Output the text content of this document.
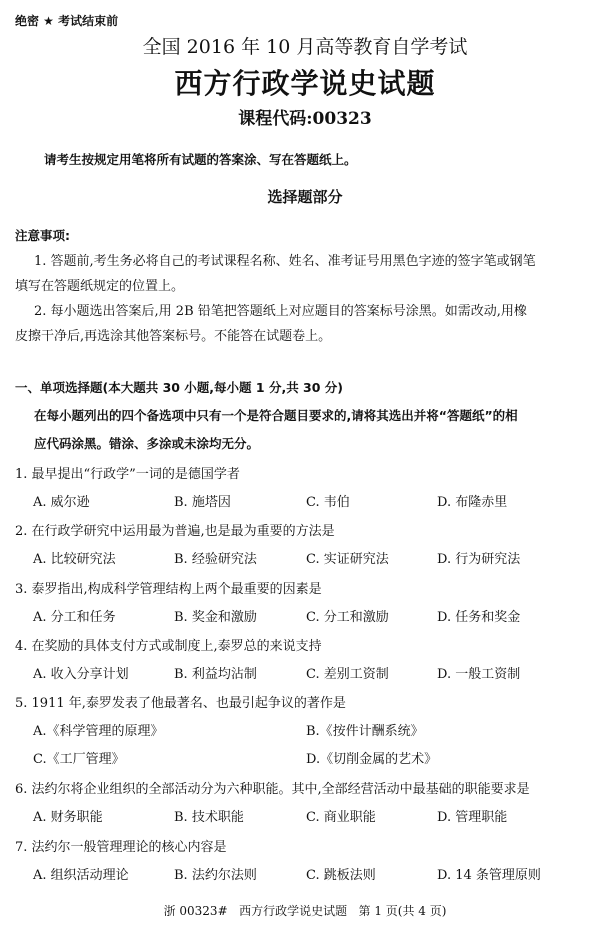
绝密 ★ 考试结束前
全国 2016 年 10 月高等教育自学考试
西方行政学说史试题
课程代码:00323
请考生按规定用笔将所有试题的答案涂、写在答题纸上。
选择题部分
注意事项:
1. 答题前,考生务必将自己的考试课程名称、姓名、准考证号用黑色字迹的签字笔或钢笔
填写在答题纸规定的位置上。
2. 每小题选出答案后,用 2B 铅笔把答题纸上对应题目的答案标号涂黑。如需改动,用橡
皮擦干净后,再选涂其他答案标号。不能答在试题卷上。
一、单项选择题(本大题共 30 小题,每小题 1 分,共 30 分)
在每小题列出的四个备选项中只有一个是符合题目要求的,请将其选出并将“答题纸”的相
应代码涂黑。错涂、多涂或未涂均无分。
1. 最早提出“行政学”一词的是德国学者
A. 威尔逊	B. 施塔因	C. 韦伯	D. 布隆赤里
2. 在行政学研究中运用最为普遍,也是最为重要的方法是
A. 比较研究法	B. 经验研究法	C. 实证研究法	D. 行为研究法
3. 泰罗指出,构成科学管理结构上两个最重要的因素是
A. 分工和任务	B. 奖金和激励	C. 分工和激励	D. 任务和奖金
4. 在奖励的具体支付方式或制度上,泰罗总的来说支持
A. 收入分享计划	B. 利益均沾制	C. 差别工资制	D. 一般工资制
5. 1911 年,泰罗发表了他最著名、也最引起争议的著作是
A.《科学管理的原理》	B.《按件计酬系统》
C.《工厂管理》	D.《切削金属的艺术》
6. 法约尔将企业组织的全部活动分为六种职能。其中,全部经营活动中最基础的职能要求是
A. 财务职能	B. 技术职能	C. 商业职能	D. 管理职能
7. 法约尔一般管理理论的核心内容是
A. 组织活动理论	B. 法约尔法则	C. 跳板法则	D. 14 条管理原则
浙 00323#   西方行政学说史试题   第 1 页(共 4 页)
